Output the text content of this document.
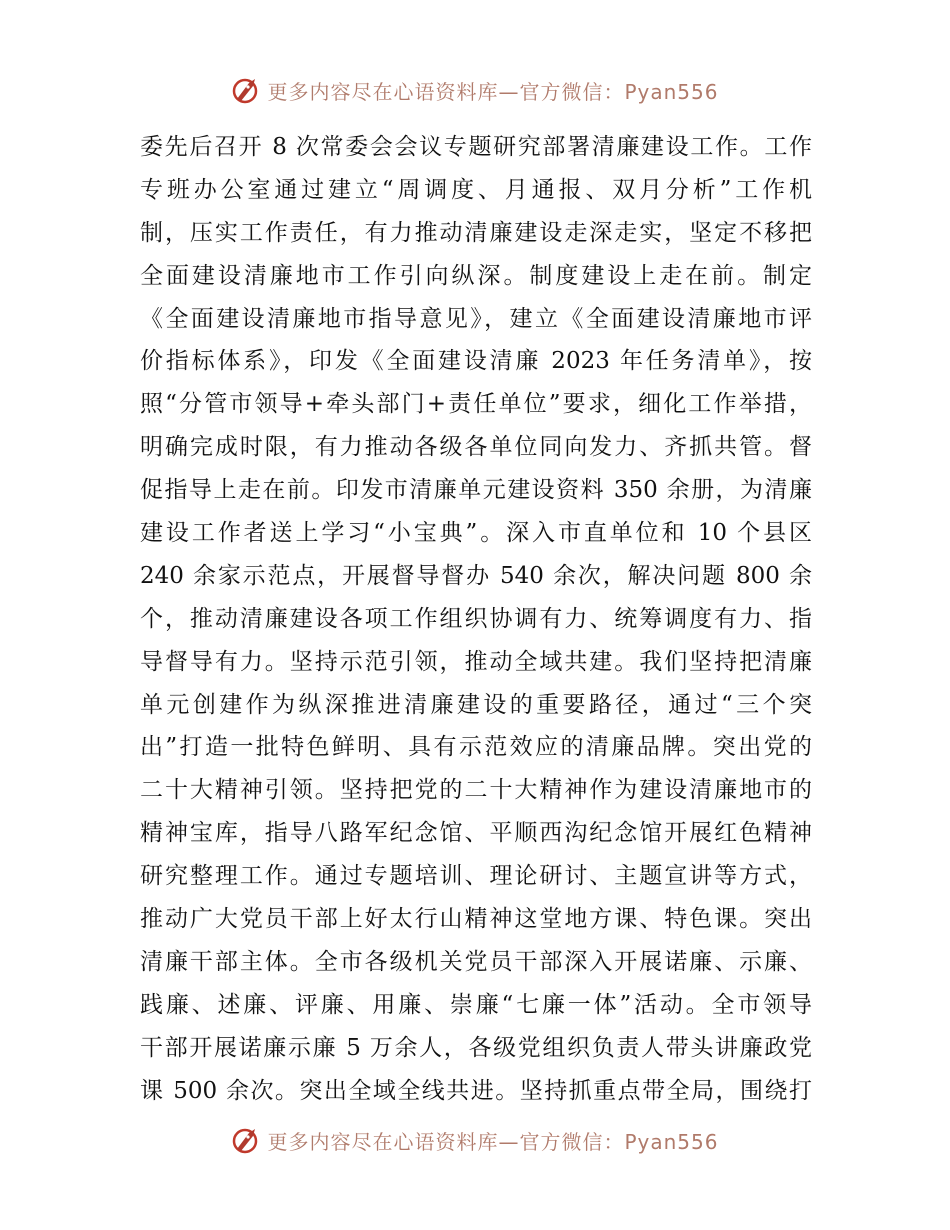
更多内容尽在心语资料库—官方微信：Pyan556
委先后召开 8 次常委会会议专题研究部署清廉建设工作。工作
专班办公室通过建立“周调度、月通报、双月分析”工作机
制，压实工作责任，有力推动清廉建设走深走实，坚定不移把
全面建设清廉地市工作引向纵深。制度建设上走在前。制定
《全面建设清廉地市指导意见》，建立《全面建设清廉地市评
价指标体系》，印发《全面建设清廉 2023 年任务清单》，按
照“分管市领导+牵头部门+责任单位”要求，细化工作举措，
明确完成时限，有力推动各级各单位同向发力、齐抓共管。督
促指导上走在前。印发市清廉单元建设资料 350 余册，为清廉
建设工作者送上学习“小宝典”。深入市直单位和 10 个县区
240 余家示范点，开展督导督办 540 余次，解决问题 800 余
个，推动清廉建设各项工作组织协调有力、统筹调度有力、指
导督导有力。坚持示范引领，推动全域共建。我们坚持把清廉
单元创建作为纵深推进清廉建设的重要路径，通过“三个突
出”打造一批特色鲜明、具有示范效应的清廉品牌。突出党的
二十大精神引领。坚持把党的二十大精神作为建设清廉地市的
精神宝库，指导八路军纪念馆、平顺西沟纪念馆开展红色精神
研究整理工作。通过专题培训、理论研讨、主题宣讲等方式，
推动广大党员干部上好太行山精神这堂地方课、特色课。突出
清廉干部主体。全市各级机关党员干部深入开展诺廉、示廉、
践廉、述廉、评廉、用廉、崇廉“七廉一体”活动。全市领导
干部开展诺廉示廉 5 万余人，各级党组织负责人带头讲廉政党
课 500 余次。突出全域全线共进。坚持抓重点带全局，围绕打
更多内容尽在心语资料库—官方微信：Pyan556
